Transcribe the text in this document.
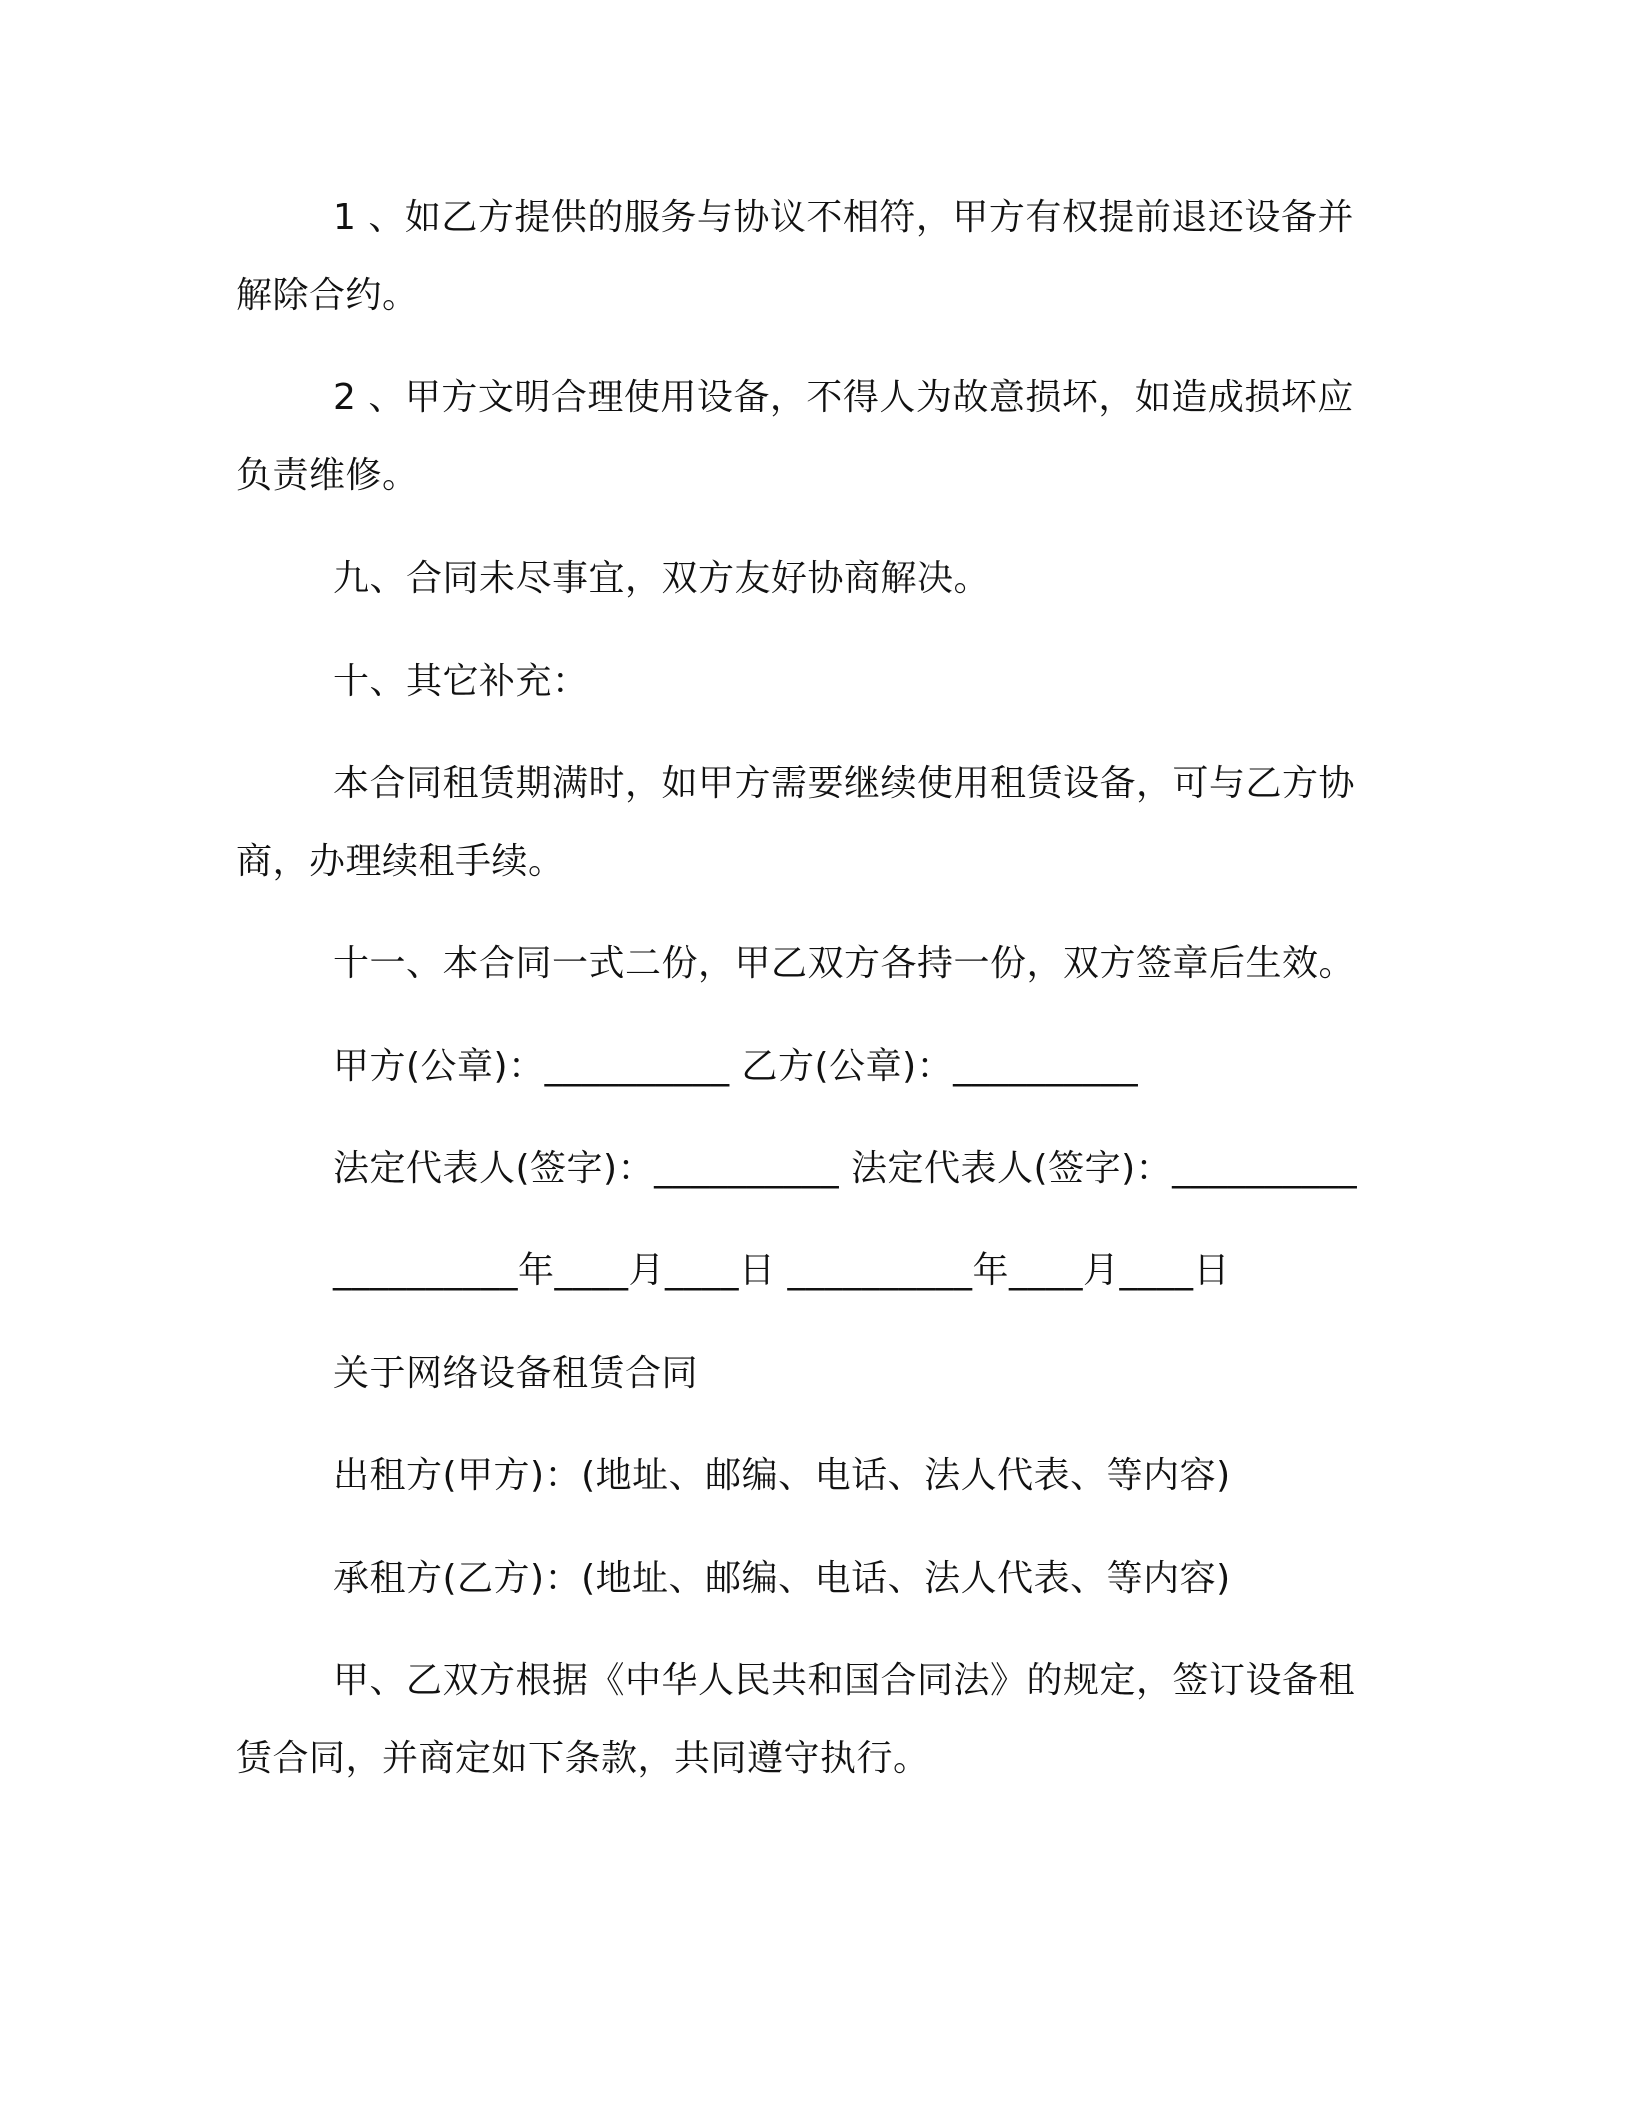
1 、如乙方提供的服务与协议不相符，甲方有权提前退还设备并
解除合约。
2 、甲方文明合理使用设备，不得人为故意损坏，如造成损坏应
负责维修。
九、合同未尽事宜，双方友好协商解决。
十、其它补充：
本合同租赁期满时，如甲方需要继续使用租赁设备，可与乙方协
商，办理续租手续。
十一、本合同一式二份，甲乙双方各持一份，双方签章后生效。
甲方(公章)：__________ 乙方(公章)：__________
法定代表人(签字)：__________ 法定代表人(签字)：__________
__________年____月____日 __________年____月____日
关于网络设备租赁合同
出租方(甲方)：(地址、邮编、电话、法人代表、等内容)
承租方(乙方)：(地址、邮编、电话、法人代表、等内容)
甲、乙双方根据《中华人民共和国合同法》的规定，签订设备租
赁合同，并商定如下条款，共同遵守执行。
